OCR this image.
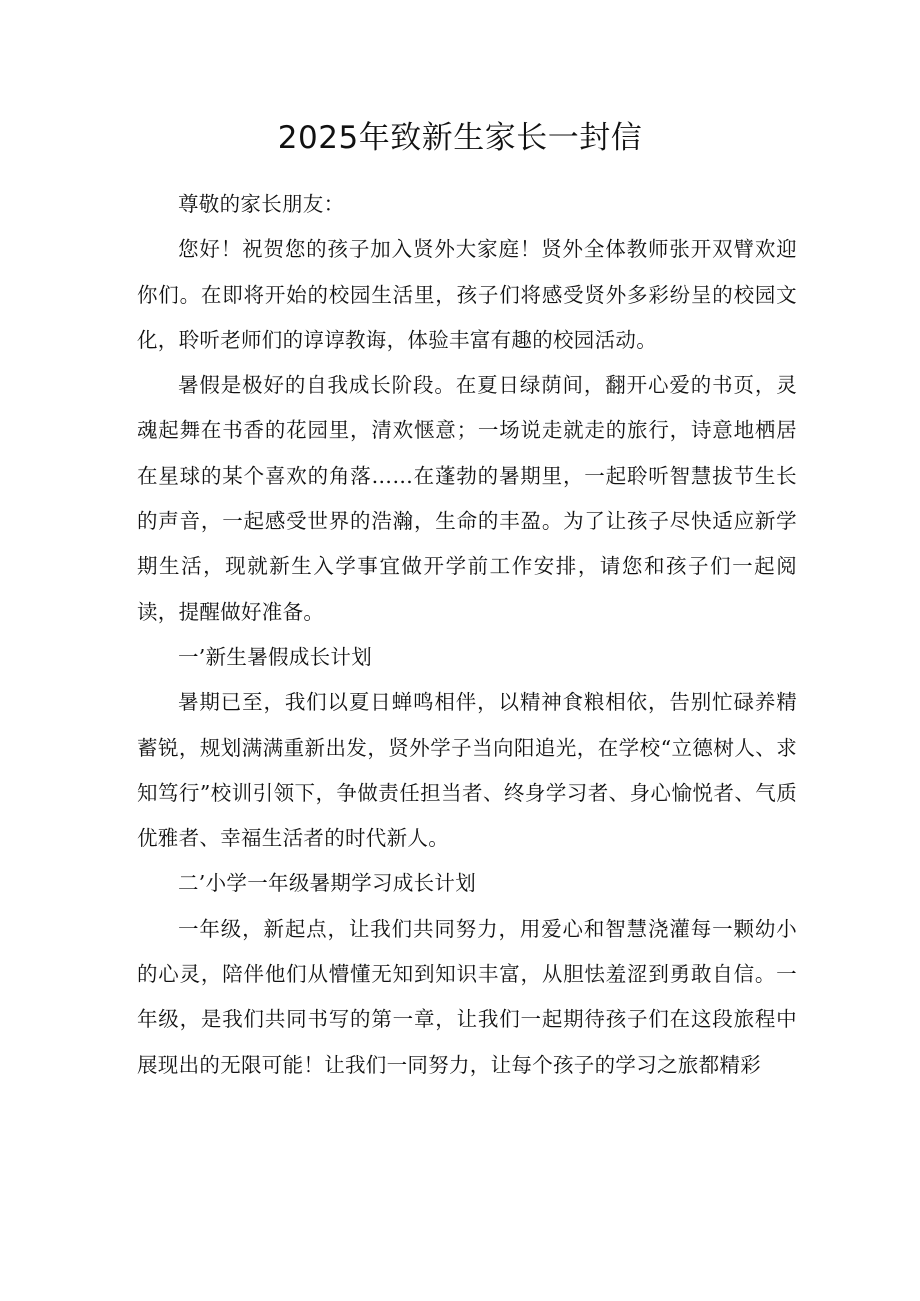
2025年致新生家长一封信

尊敬的家长朋友：

您好！祝贺您的孩子加入贤外大家庭！贤外全体教师张开双臂欢迎你们。在即将开始的校园生活里，孩子们将感受贤外多彩纷呈的校园文化，聆听老师们的谆谆教诲，体验丰富有趣的校园活动。

暑假是极好的自我成长阶段。在夏日绿荫间，翻开心爱的书页，灵魂起舞在书香的花园里，清欢惬意；一场说走就走的旅行，诗意地栖居在星球的某个喜欢的角落……在蓬勃的暑期里，一起聆听智慧拔节生长的声音，一起感受世界的浩瀚，生命的丰盈。为了让孩子尽快适应新学期生活，现就新生入学事宜做开学前工作安排，请您和孩子们一起阅读，提醒做好准备。

一’新生暑假成长计划

暑期已至，我们以夏日蝉鸣相伴，以精神食粮相依，告别忙碌养精蓄锐，规划满满重新出发，贤外学子当向阳追光，在学校“立德树人、求知笃行”校训引领下，争做责任担当者、终身学习者、身心愉悦者、气质优雅者、幸福生活者的时代新人。

二’小学一年级暑期学习成长计划

一年级，新起点，让我们共同努力，用爱心和智慧浇灌每一颗幼小的心灵，陪伴他们从懵懂无知到知识丰富，从胆怯羞涩到勇敢自信。一年级，是我们共同书写的第一章，让我们一起期待孩子们在这段旅程中展现出的无限可能！让我们一同努力，让每个孩子的学习之旅都精彩
